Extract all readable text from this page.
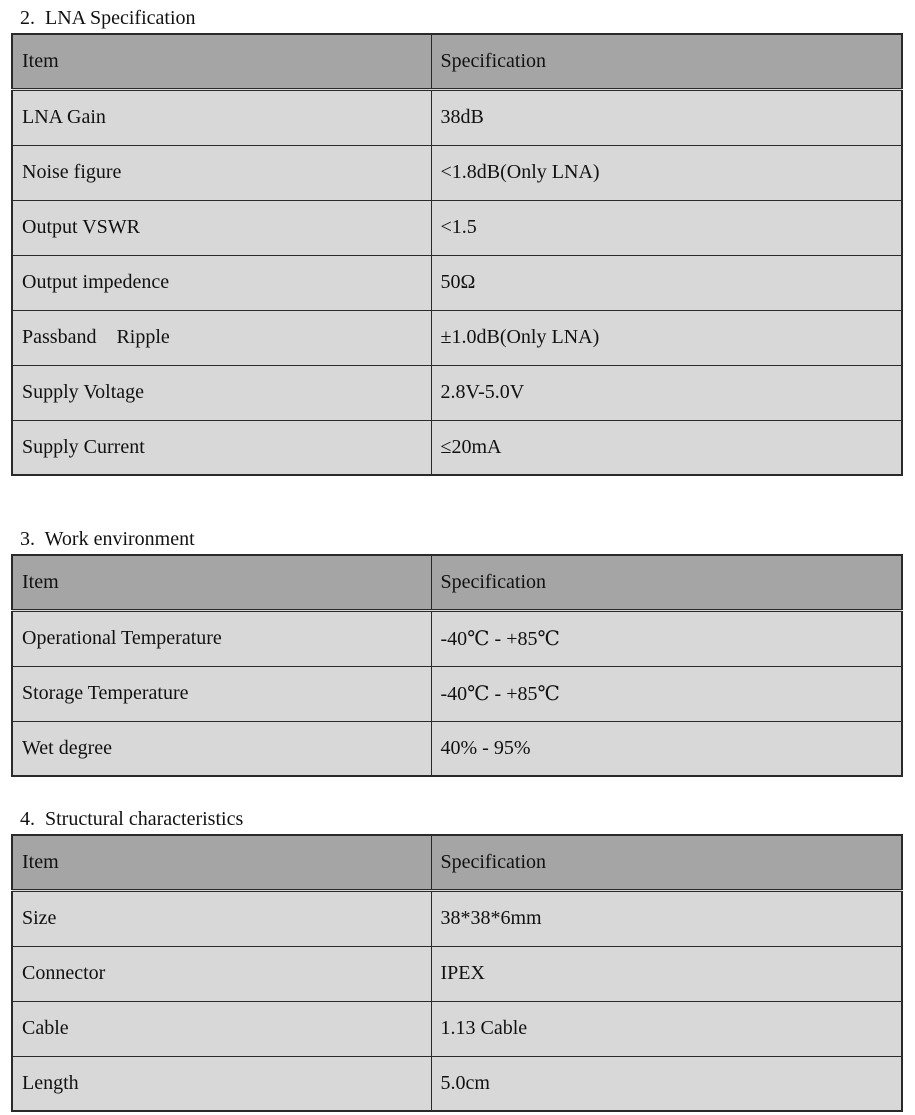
2.  LNA Specification
Item	Specification
LNA Gain	38dB
Noise figure	<1.8dB(Only LNA)
Output VSWR	<1.5
Output impedence	50Ω
Passband    Ripple	±1.0dB(Only LNA)
Supply Voltage	2.8V-5.0V
Supply Current	≤20mA
3.  Work environment
Item	Specification
Operational Temperature	-40℃ - +85℃
Storage Temperature	-40℃ - +85℃
Wet degree	40% - 95%
4.  Structural characteristics
Item	Specification
Size	38*38*6mm
Connector	IPEX
Cable	1.13 Cable
Length	5.0cm
